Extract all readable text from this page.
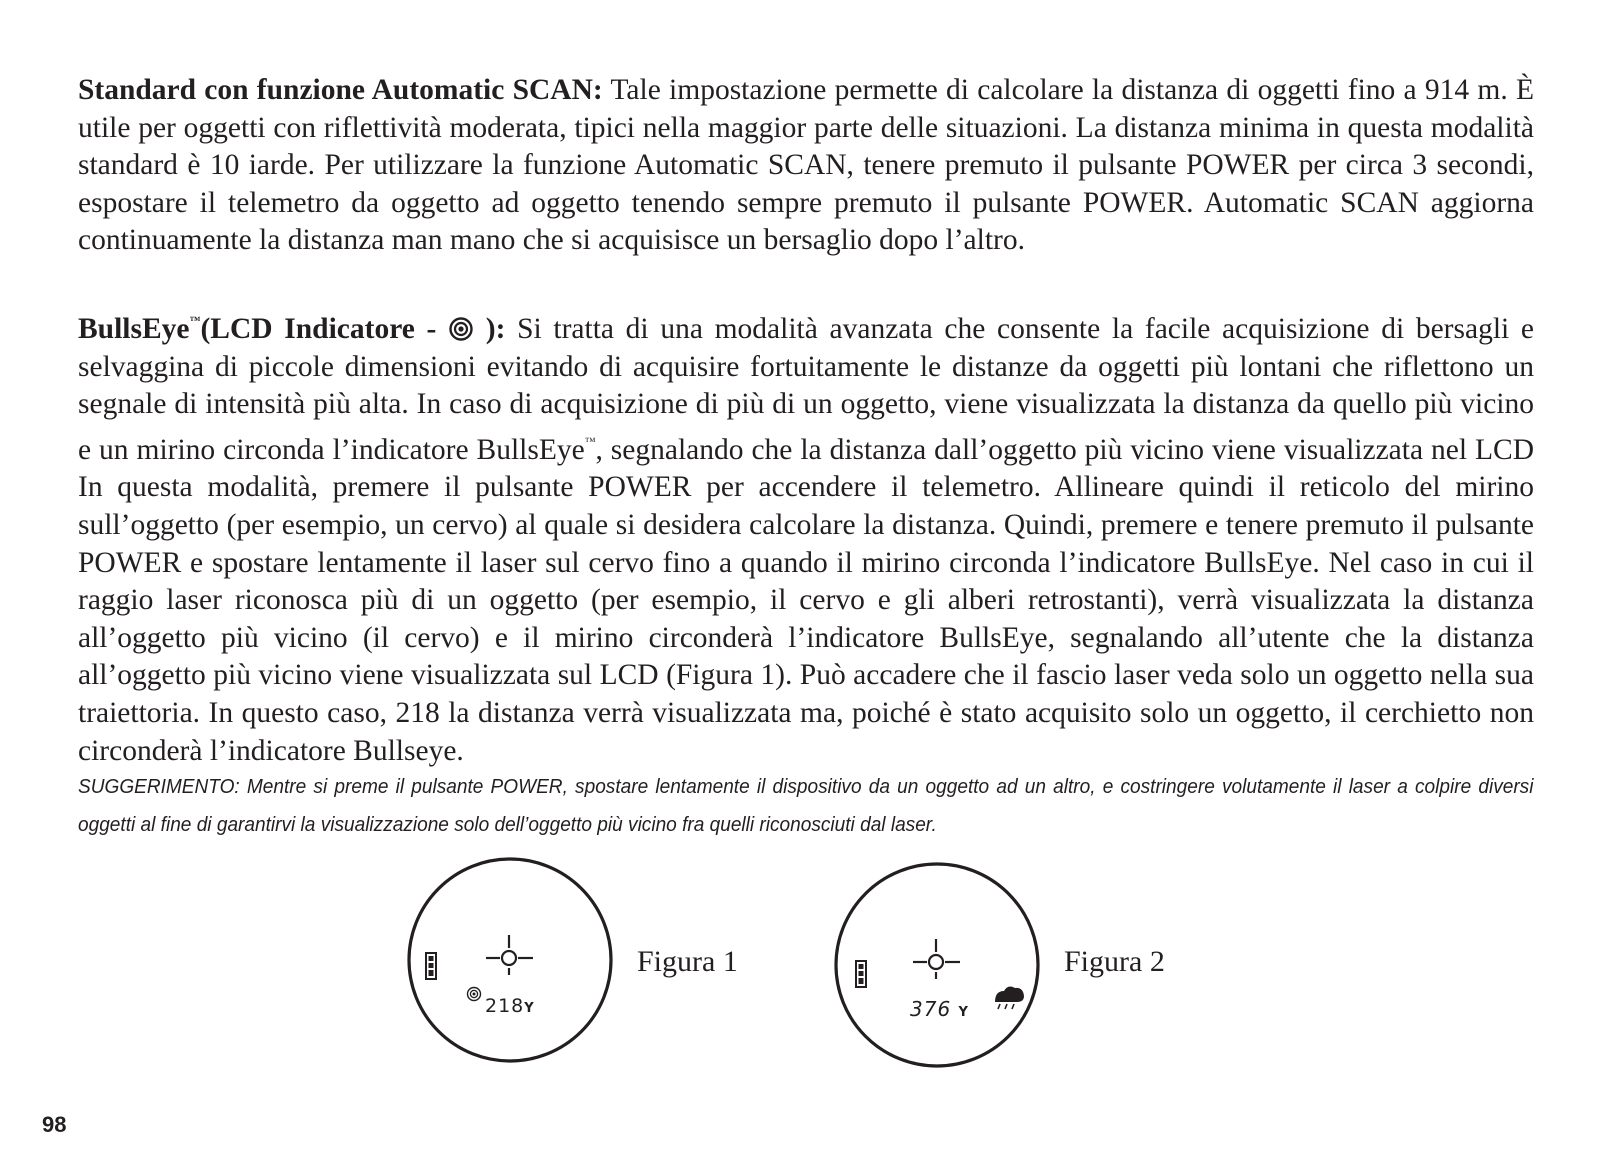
Standard con funzione Automatic SCAN: Tale impostazione permette di calcolare la distanza di oggetti fino a 914 m. È utile per oggetti con riflettività moderata, tipici nella maggior parte delle situazioni. La distanza minima in questa modalità standard è 10 iarde. Per utilizzare la funzione Automatic SCAN, tenere premuto il pulsante POWER per circa 3 secondi, espostare il telemetro da oggetto ad oggetto tenendo sempre premuto il pulsante POWER. Automatic SCAN aggiorna continuamente la distanza man mano che si acquisisce un bersaglio dopo l’altro.

BullsEye™(LCD Indicatore -  ): Si tratta di una modalità avanzata che consente la facile acquisizione di bersagli e selvaggina di piccole dimensioni evitando di acquisire fortuitamente le distanze da oggetti più lontani che riflettono un segnale di intensità più alta. In caso di acquisizione di più di un oggetto, viene visualizzata la distanza da quello più vicino e un mirino circonda l’indicatore BullsEye™, segnalando che la distanza dall’oggetto più vicino viene visualizzata nel LCD In questa modalità, premere il pulsante POWER per accendere il telemetro. Allineare quindi il reticolo del mirino sull’oggetto (per esempio, un cervo) al quale si desidera calcolare la distanza. Quindi, premere e tenere premuto il pulsante POWER e spostare lentamente il laser sul cervo fino a quando il mirino circonda l’indicatore BullsEye. Nel caso in cui il raggio laser riconosca più di un oggetto (per esempio, il cervo e gli alberi retrostanti), verrà visualizzata la distanza all’oggetto più vicino (il cervo) e il mirino circonderà l’indicatore BullsEye, segnalando all’utente che la distanza all’oggetto più vicino viene visualizzata sul LCD (Figura 1). Può accadere che il fascio laser veda solo un oggetto nella sua traiettoria. In questo caso, 218 la distanza verrà visualizzata ma, poiché è stato acquisito solo un oggetto, il cerchietto non circonderà l’indicatore Bullseye.

SUGGERIMENTO: Mentre si preme il pulsante POWER, spostare lentamente il dispositivo da un oggetto ad un altro, e costringere volutamente il laser a colpire diversi oggetti al fine di garantirvi la visualizzazione solo dell’oggetto più vicino fra quelli riconosciuti dal laser.

218Y
Figura 1
376 Y
Figura 2
98
